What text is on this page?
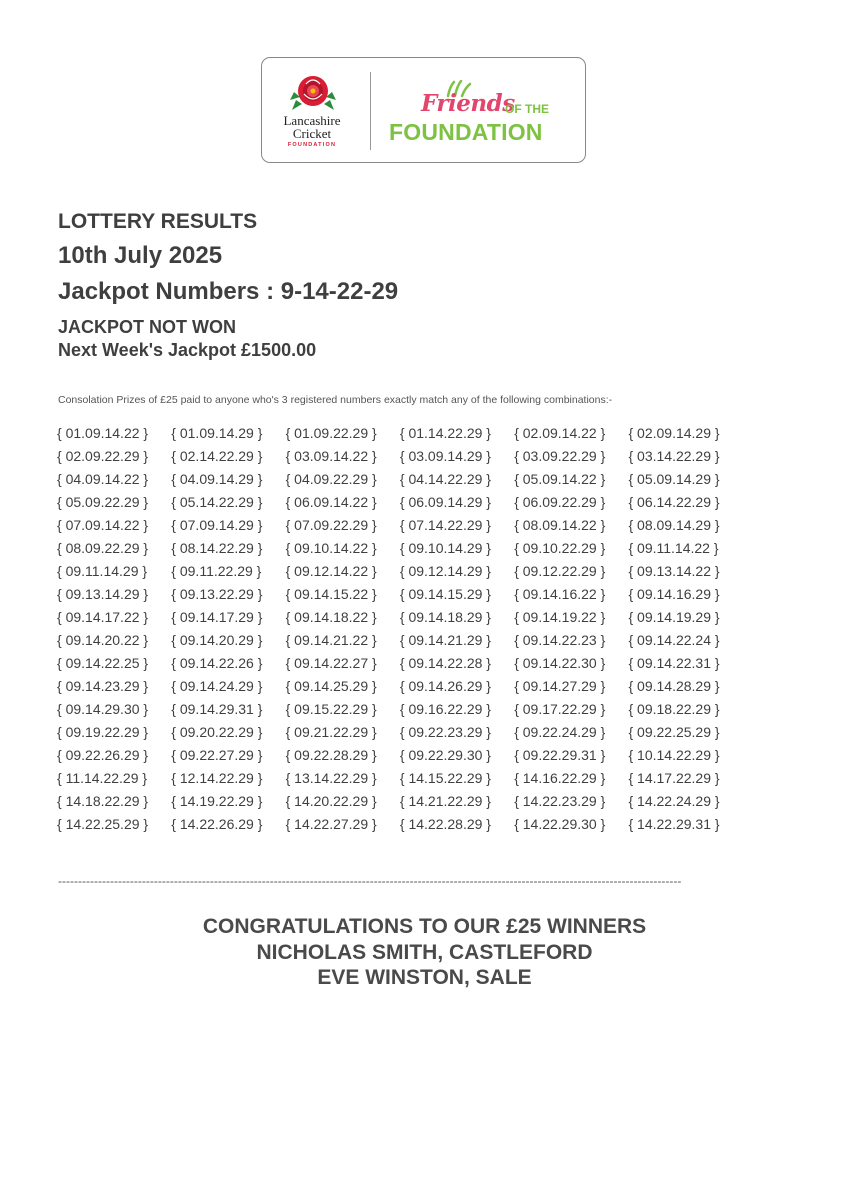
Lancashire
Cricket
FOUNDATION
Friends
OF THE
FOUNDATION
LOTTERY RESULTS
10th July 2025
Jackpot Numbers : 9-14-22-29
JACKPOT NOT WON
Next Week's Jackpot £1500.00

Consolation Prizes of £25 paid to anyone who's 3 registered numbers exactly match any of the following combinations:-

{ 01.09.14.22 }	{ 01.09.14.29 }	{ 01.09.22.29 }	{ 01.14.22.29 }	{ 02.09.14.22 }	{ 02.09.14.29 }
{ 02.09.22.29 }	{ 02.14.22.29 }	{ 03.09.14.22 }	{ 03.09.14.29 }	{ 03.09.22.29 }	{ 03.14.22.29 }
{ 04.09.14.22 }	{ 04.09.14.29 }	{ 04.09.22.29 }	{ 04.14.22.29 }	{ 05.09.14.22 }	{ 05.09.14.29 }
{ 05.09.22.29 }	{ 05.14.22.29 }	{ 06.09.14.22 }	{ 06.09.14.29 }	{ 06.09.22.29 }	{ 06.14.22.29 }
{ 07.09.14.22 }	{ 07.09.14.29 }	{ 07.09.22.29 }	{ 07.14.22.29 }	{ 08.09.14.22 }	{ 08.09.14.29 }
{ 08.09.22.29 }	{ 08.14.22.29 }	{ 09.10.14.22 }	{ 09.10.14.29 }	{ 09.10.22.29 }	{ 09.11.14.22 }
{ 09.11.14.29 }	{ 09.11.22.29 }	{ 09.12.14.22 }	{ 09.12.14.29 }	{ 09.12.22.29 }	{ 09.13.14.22 }
{ 09.13.14.29 }	{ 09.13.22.29 }	{ 09.14.15.22 }	{ 09.14.15.29 }	{ 09.14.16.22 }	{ 09.14.16.29 }
{ 09.14.17.22 }	{ 09.14.17.29 }	{ 09.14.18.22 }	{ 09.14.18.29 }	{ 09.14.19.22 }	{ 09.14.19.29 }
{ 09.14.20.22 }	{ 09.14.20.29 }	{ 09.14.21.22 }	{ 09.14.21.29 }	{ 09.14.22.23 }	{ 09.14.22.24 }
{ 09.14.22.25 }	{ 09.14.22.26 }	{ 09.14.22.27 }	{ 09.14.22.28 }	{ 09.14.22.30 }	{ 09.14.22.31 }
{ 09.14.23.29 }	{ 09.14.24.29 }	{ 09.14.25.29 }	{ 09.14.26.29 }	{ 09.14.27.29 }	{ 09.14.28.29 }
{ 09.14.29.30 }	{ 09.14.29.31 }	{ 09.15.22.29 }	{ 09.16.22.29 }	{ 09.17.22.29 }	{ 09.18.22.29 }
{ 09.19.22.29 }	{ 09.20.22.29 }	{ 09.21.22.29 }	{ 09.22.23.29 }	{ 09.22.24.29 }	{ 09.22.25.29 }
{ 09.22.26.29 }	{ 09.22.27.29 }	{ 09.22.28.29 }	{ 09.22.29.30 }	{ 09.22.29.31 }	{ 10.14.22.29 }
{ 11.14.22.29 }	{ 12.14.22.29 }	{ 13.14.22.29 }	{ 14.15.22.29 }	{ 14.16.22.29 }	{ 14.17.22.29 }
{ 14.18.22.29 }	{ 14.19.22.29 }	{ 14.20.22.29 }	{ 14.21.22.29 }	{ 14.22.23.29 }	{ 14.22.24.29 }
{ 14.22.25.29 }	{ 14.22.26.29 }	{ 14.22.27.29 }	{ 14.22.28.29 }	{ 14.22.29.30 }	{ 14.22.29.31 }

------------------------------------------------------------------------------------------------------------------------------------------------------------

CONGRATULATIONS TO OUR £25 WINNERS
NICHOLAS SMITH, CASTLEFORD
EVE WINSTON, SALE
